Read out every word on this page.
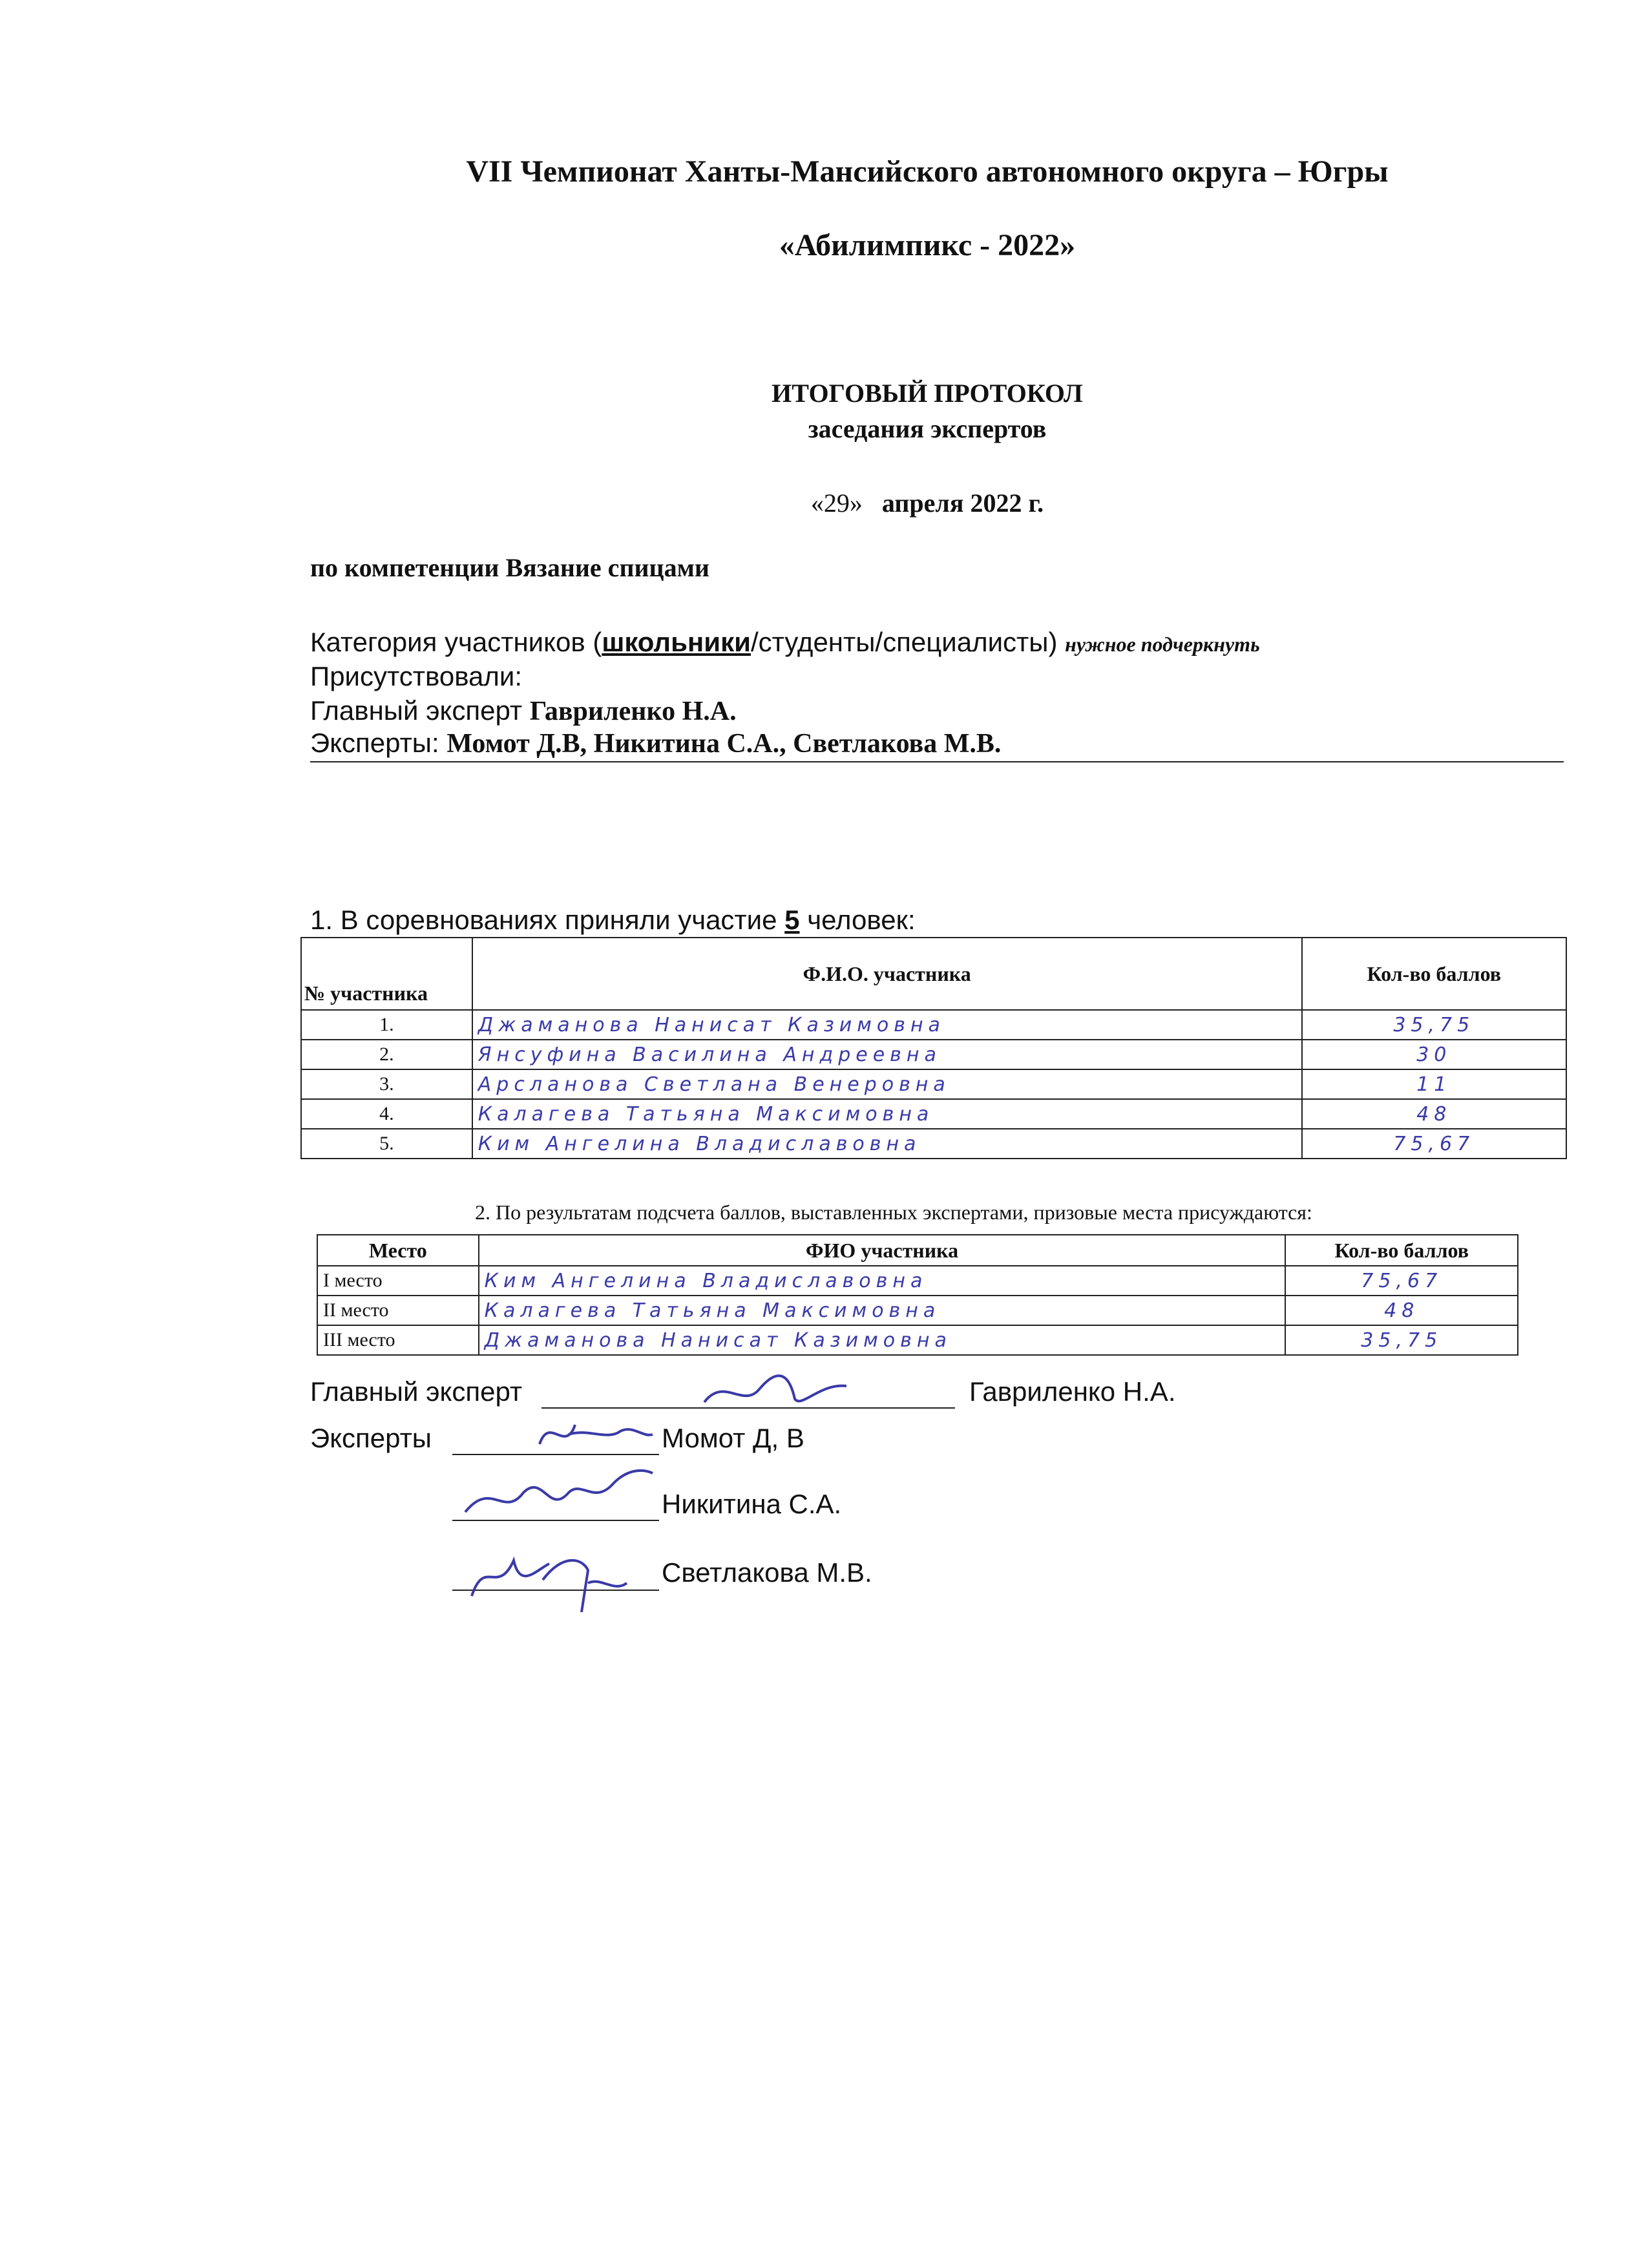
VII Чемпионат Ханты-Мансийского автономного округа – Югры
«Абилимпикс - 2022»
ИТОГОВЫЙ ПРОТОКОЛ
заседания экспертов
«29» апреля 2022 г.
по компетенции Вязание спицами
Категория участников (школьники/студенты/специалисты) нужное подчеркнуть
Присутствовали:
Главный эксперт Гавриленко Н.А.
Эксперты: Момот Д.В, Никитина С.А., Светлакова М.В.
1. В соревнованиях приняли участие 5 человек:
№ участника	Ф.И.О. участника	Кол-во баллов
1.	Джаманова Нанисат Казимовна	35,75
2.	Янсуфина Василина Андреевна	30
3.	Арсланова Светлана Венеровна	11
4.	Калагева Татьяна Максимовна	48
5.	Ким Ангелина Владиславовна	75,67
2. По результатам подсчета баллов, выставленных экспертами, призовые места присуждаются:
Место	ФИО участника	Кол-во баллов
I место	Ким Ангелина Владиславовна	75,67
II место	Калагева Татьяна Максимовна	48
III место	Джаманова Нанисат Казимовна	35,75
Главный эксперт	Гавриленко Н.А.
Эксперты	Момот Д, В
Никитина С.А.
Светлакова М.В.
